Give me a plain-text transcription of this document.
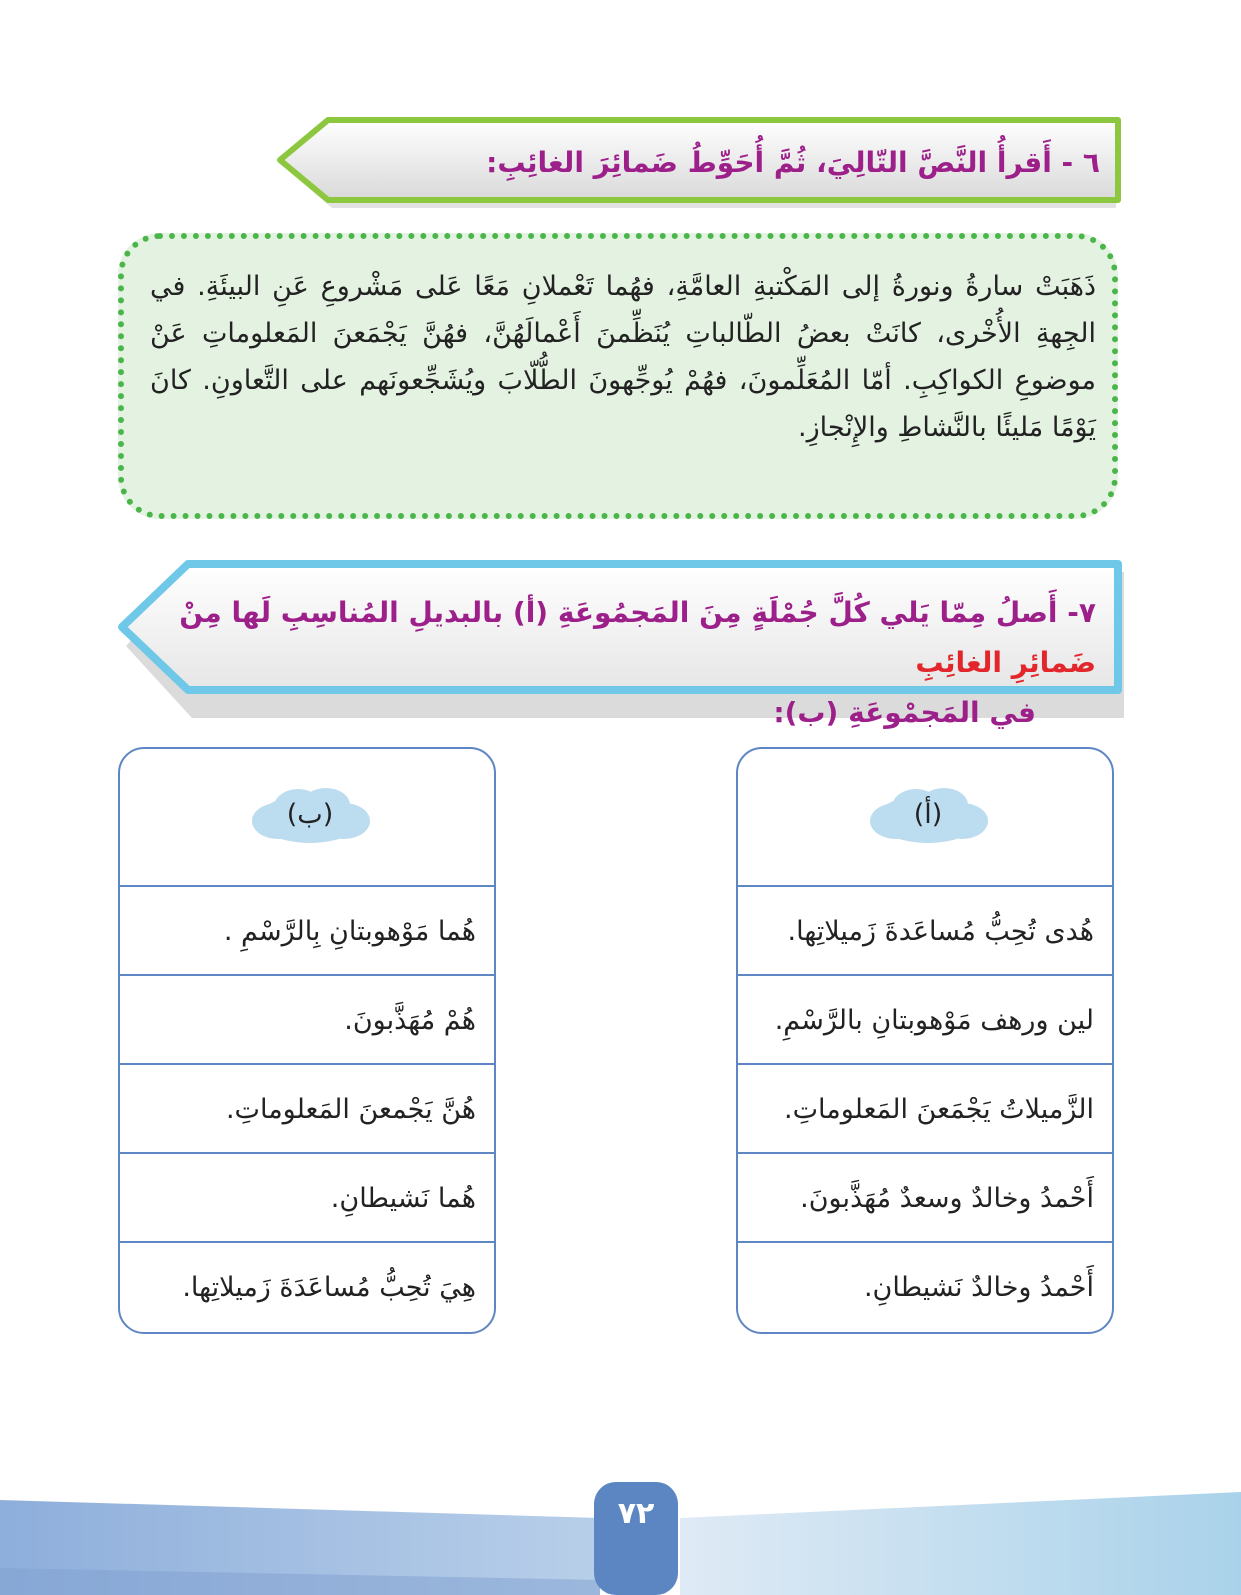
٦ - أَقرأُ النَّصَّ التّالِيَ، ثُمَّ أُحَوِّطُ ضَمائِرَ الغائِبِ:
ذَهَبَتْ سارةُ ونورةُ إلى المَكْتبةِ العامَّةِ، فهُما تَعْملانِ مَعًا عَلى مَشْروعِ عَنِ البيئَةِ. في الجِهةِ الأُخْرى، كانَتْ بعضُ الطّالباتِ يُنَظِّمنَ أَعْمالَهُنَّ، فهُنَّ يَجْمَعنَ المَعلوماتِ عَنْ موضوعِ الكواكِبِ. أمّا المُعَلِّمونَ، فهُمْ يُوجِّهونَ الطُّلّابَ ويُشَجِّعونَهم على التَّعاونِ. كانَ يَوْمًا مَليئًا بالنَّشاطِ والإِنْجازِ.
٧- أَصلُ مِمّا يَلي كُلَّ جُمْلَةٍ مِنَ المَجمُوعَةِ (أ) بالبديلِ المُناسِبِ لَها مِنْ ضَمائِرِ الغائِبِ
في المَجمْوعَةِ (ب):
(أ)
هُدى تُحِبُّ مُساعَدةَ زَميلاتِها.
لين ورهف مَوْهوبتانِ بالرَّسْمِ.
الزَّميلاتُ يَجْمَعنَ المَعلوماتِ.
أَحْمدُ وخالدٌ وسعدٌ مُهَذَّبونَ.
أَحْمدُ وخالدٌ نَشيطانِ.
(ب)
هُما مَوْهوبتانِ بِالرَّسْمِ .
هُمْ مُهَذَّبونَ.
هُنَّ يَجْمعنَ المَعلوماتِ.
هُما نَشيطانِ.
هِيَ تُحِبُّ مُساعَدَةَ زَميلاتِها.
٧٢
